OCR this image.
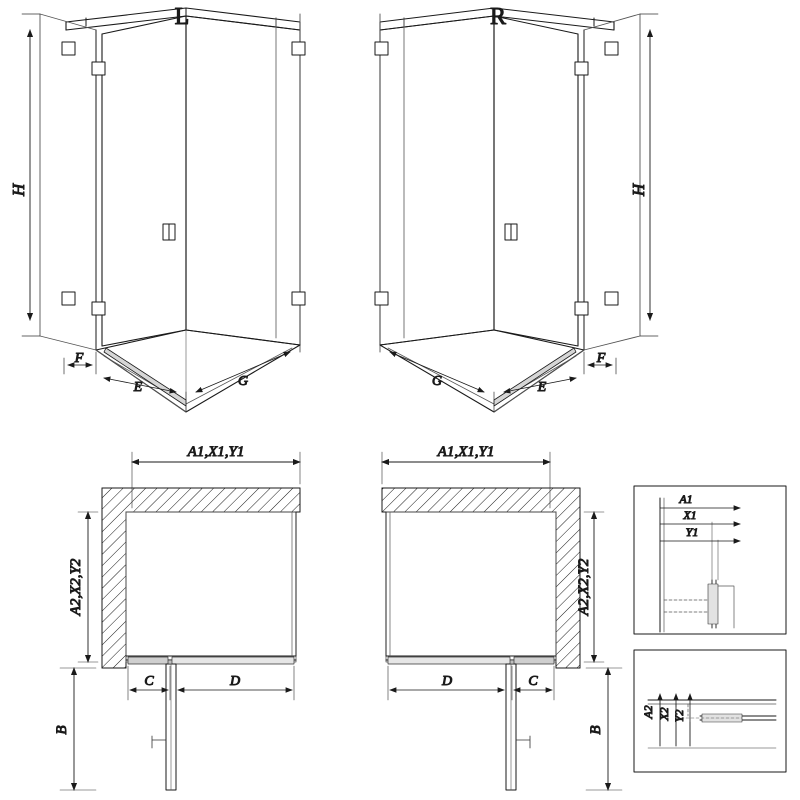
H
F
E	G
L
H
F
E
G
R
A1,X1,Y1
A2,X2,Y2
C	D
B
A1,X1,Y1
A2,X2,Y2
C
D
B
A1
X1
Y1
A2 X2 Y2
